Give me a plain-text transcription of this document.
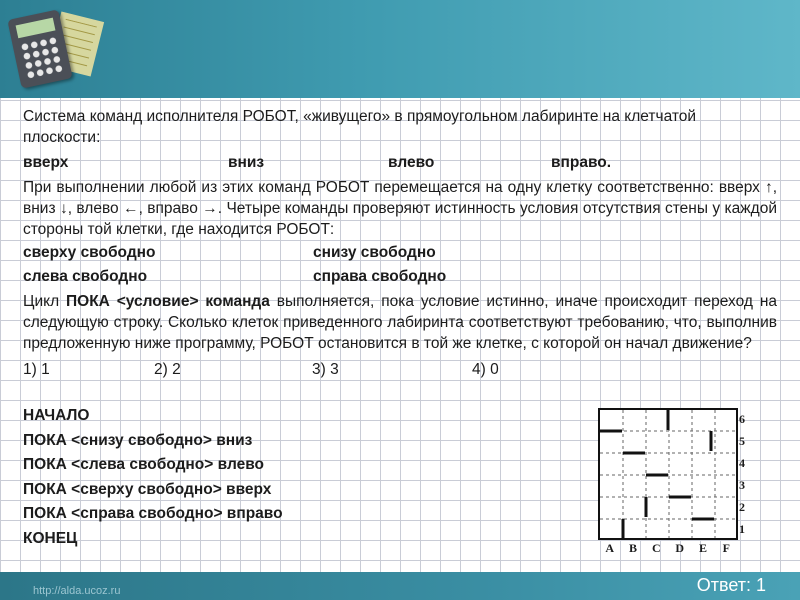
Система команд исполнителя РОБОТ, «живущего» в прямоугольном лабиринте на клетчатой плоскости:

вверх	вниз	влево	вправо.

При выполнении любой из этих команд РОБОТ перемещается на одну клетку соответственно: вверх ↑, вниз ↓, влево ←, вправо →. Четыре команды проверяют истинность условия отсутствия стены у каждой стороны той клетки, где находится РОБОТ:

сверху свободно	снизу свободно
слева свободно	справа свободно

Цикл ПОКА <условие> команда выполняется, пока условие истинно, иначе происходит переход на следующую строку. Сколько клеток приведенного лабиринта соответствуют требованию, что, выполнив предложенную ниже программу, РОБОТ остановится в той же клетке, с которой он начал движение?

1) 1	2) 2	3) 3	4) 0
НАЧАЛО
ПОКА <снизу свободно> вниз
ПОКА <слева свободно> влево
ПОКА <сверху свободно> вверх
ПОКА <справа свободно> вправо
КОНЕЦ
6
5
4
3
2
1
A	B	C	D	E	F
http://alda.ucoz.ru	Ответ: 1
